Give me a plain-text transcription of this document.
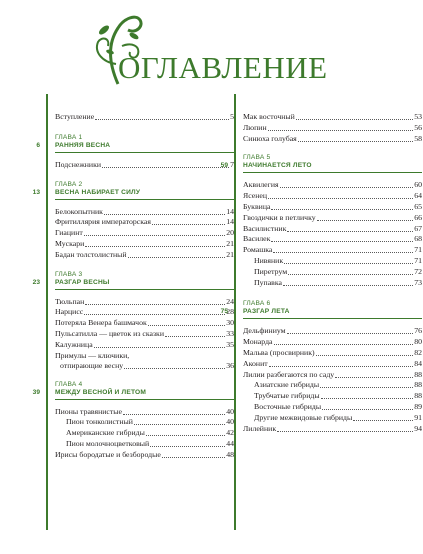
ОГЛАВЛЕНИЕ
Вступление	5
ГЛАВА 1
РАННЯЯ ВЕСНА
6
Подснежники	7
ГЛАВА 2
ВЕСНА НАБИРАЕТ СИЛУ
13
Белокопытник	14
Фритиллярия императорская	14
Гиацинт	20
Мускари	21
Бадан толстолистный	21
ГЛАВА 3
РАЗГАР ВЕСНЫ
23
Тюльпан	24
Нарцисс	28
Потерялa Венера башмачок	30
Пульсатилла — цветок из сказки	33
Калужница	35
Примулы — ключики,
отпирающие весну	36
ГЛАВА 4
МЕЖДУ ВЕСНОЙ И ЛЕТОМ
39
Пионы травянистые	40
Пион тонколистный	40
Американские гибриды	42
Пион молочноцветковый	44
Ирисы бородатые и безбородые	48
Мак восточный	53
Люпин	56
Синюха голубая	58
ГЛАВА 5
НАЧИНАЕТСЯ ЛЕТО
59
Аквилегия	60
Ясенец	64
Буквица	65
Гвоздички в петличку	66
Василистник	67
Василек	68
Ромашка	71
Нивяник	71
Пиретрум	72
Пупавка	73
ГЛАВА 6
РАЗГАР ЛЕТА
75
Дельфиниум	76
Монарда	80
Мальва (просвирник)	82
Аконит	84
Лилии разбегаются по саду	88
Азиатские гибриды	88
Трубчатые гибриды	88
Восточные гибриды	89
Другие межвидовые гибриды	91
Лилейник	94
